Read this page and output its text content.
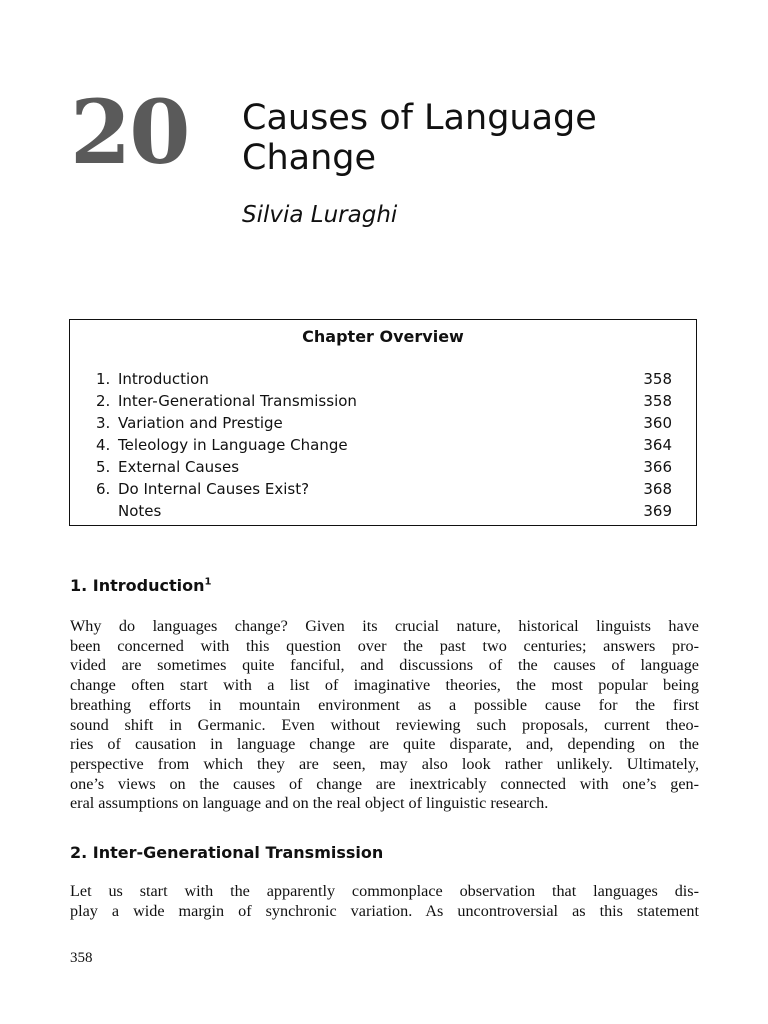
20 Causes of Language
Change
Silvia Luraghi
Chapter Overview
1. Introduction	358
2. Inter-Generational Transmission	358
3. Variation and Prestige	360
4. Teleology in Language Change	364
5. External Causes	366
6. Do Internal Causes Exist?	368
Notes	369
1. Introduction$^1$

Why do languages change? Given its crucial nature, historical linguists have
been concerned with this question over the past two centuries; answers pro-
vided are sometimes quite fanciful, and discussions of the causes of language
change often start with a list of imaginative theories, the most popular being
breathing efforts in mountain environment as a possible cause for the first
sound shift in Germanic. Even without reviewing such proposals, current theo-
ries of causation in language change are quite disparate, and, depending on the
perspective from which they are seen, may also look rather unlikely. Ultimately,
one’s views on the causes of change are inextricably connected with one’s gen-
eral assumptions on language and on the real object of linguistic research.

2. Inter-Generational Transmission

Let us start with the apparently commonplace observation that languages dis-
play a wide margin of synchronic variation. As uncontroversial as this statement

358
